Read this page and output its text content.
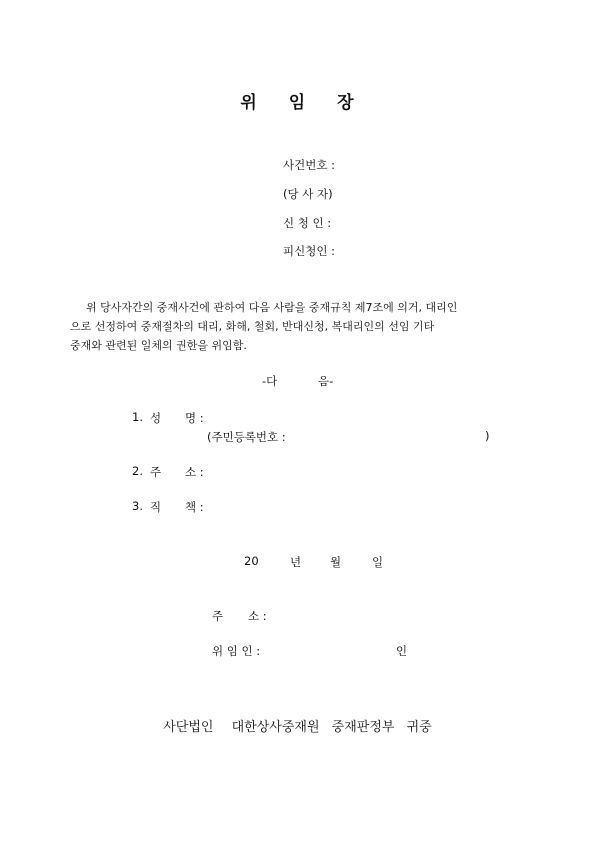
위 임 장
사건번호 :
(당 사 자)
신 청 인 :
피신청인 :
위 당사자간의 중재사건에 관하여 다음 사람을 중재규칙 제7조에 의거, 대리인
으로 선정하여 중재절차의 대리, 화해, 철회, 반대신청, 복대리인의 선임 기타
중재와 관련된 일체의 권한을 위임함.
-다	음-
1. 성 명 :
(주민등록번호 :	)
2. 주 소 :
3. 직 책 :
20	년	월	일
주 소 :
위 임 인 :	인
사단법인 대한상사중재원 중재판정부 귀중
